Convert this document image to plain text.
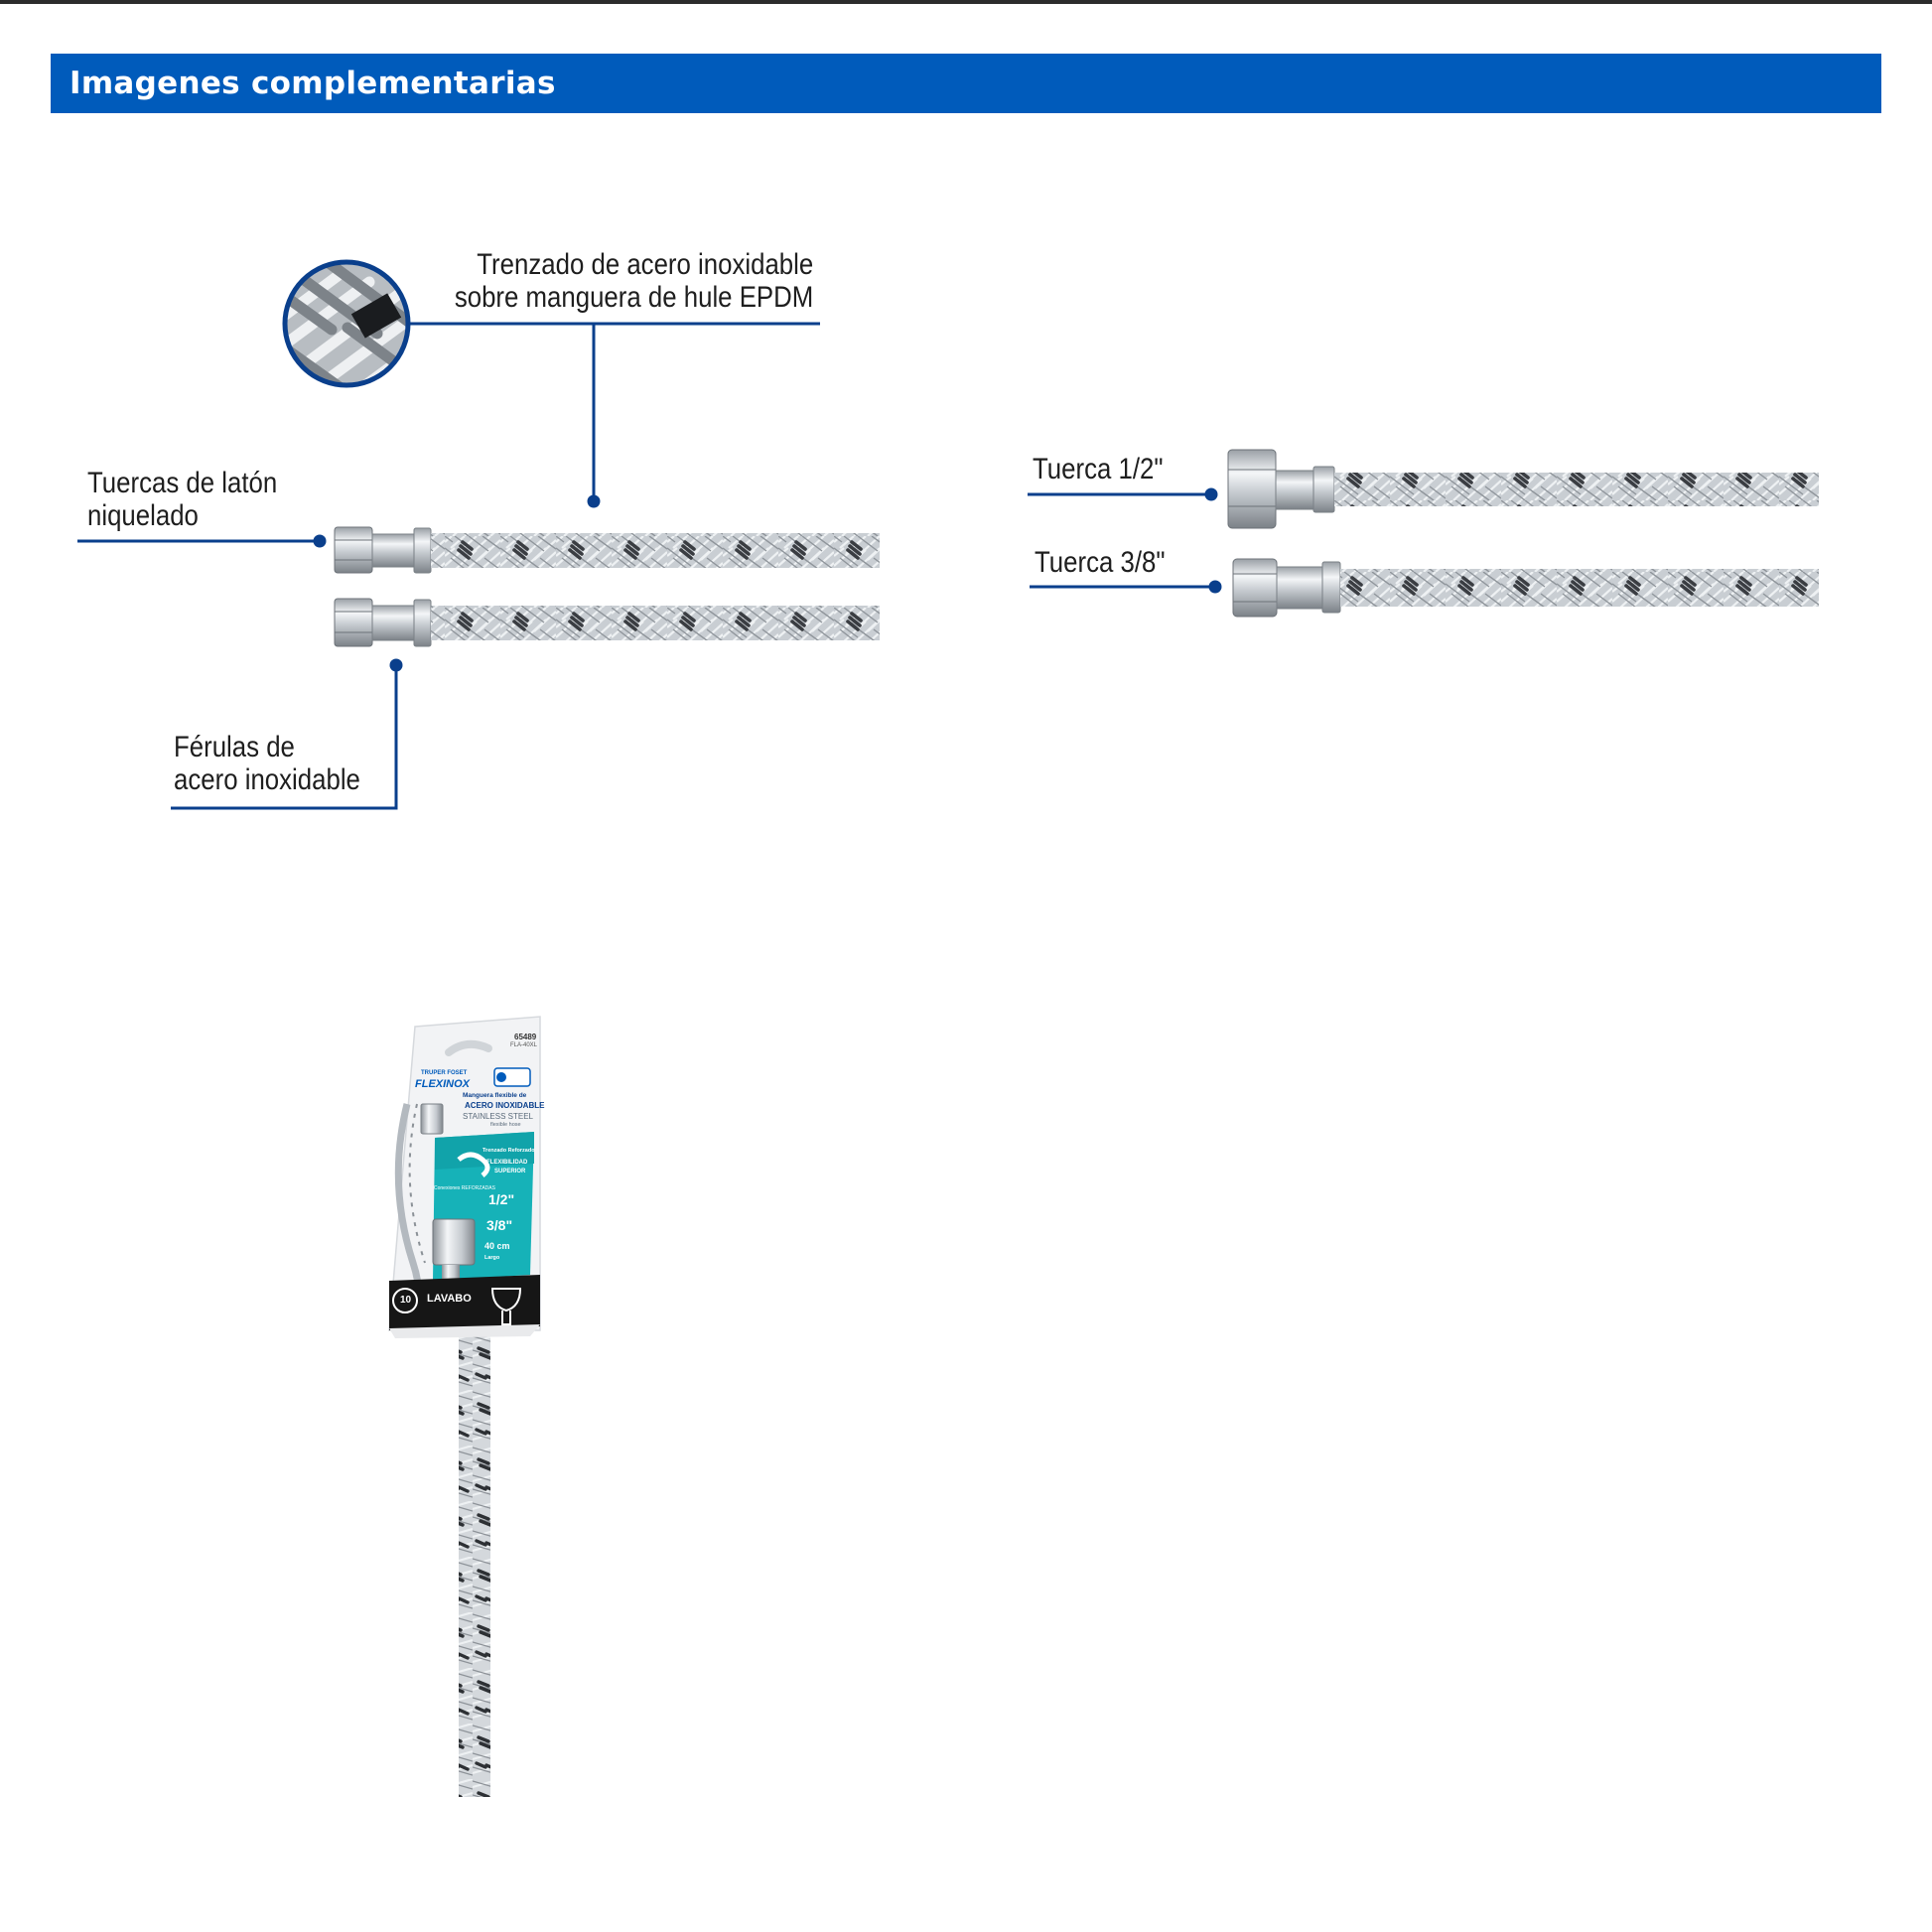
Imagenes complementarias
Trenzado de acero inoxidable
sobre manguera de hule EPDM
Tuercas de latón
niquelado
Férulas de
acero inoxidable
Tuerca 1/2"
Tuerca 3/8"
65489
FLA-40XL
TRUPER FOSET
FLEXINOX
Manguera flexible de
ACERO INOXIDABLE
STAINLESS STEEL
flexible hose
Trenzado Reforzado
FLEXIBILIDAD
SUPERIOR
Conexiones REFORZADAS
1/2"
3/8"
40 cm
Largo
10 LAVABO
